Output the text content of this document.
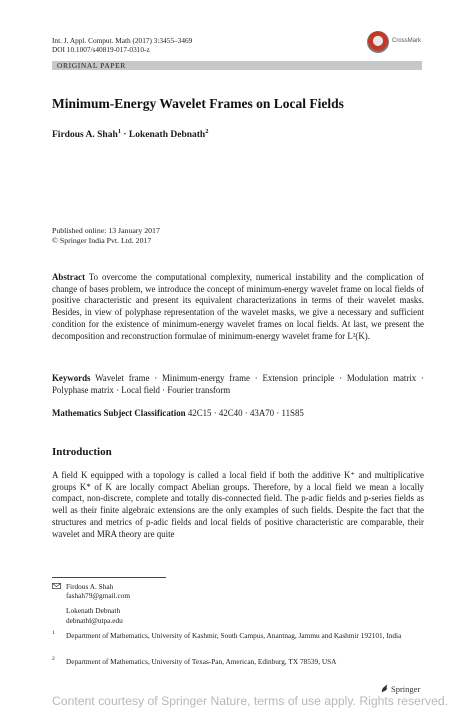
Int. J. Appl. Comput. Math (2017) 3:3455–3469
DOI 10.1007/s40819-017-0310-z
CrossMark
ORIGINAL PAPER
Minimum-Energy Wavelet Frames on Local Fields
Firdous A. Shah$^1$ · Lokenath Debnath$^2$
Published online: 13 January 2017
© Springer India Pvt. Ltd. 2017
Abstract To overcome the computational complexity, numerical instability and the complication of change of bases problem, we introduce the concept of minimum-energy wavelet frame on local fields of positive characteristic and present its equivalent characterizations in terms of their wavelet masks. Besides, in view of polyphase representation of the wavelet masks, we give a necessary and sufficient condition for the existence of minimum-energy wavelet frames on local fields. At last, we present the decomposition and reconstruction formulae of minimum-energy wavelet frame for L²(K).
Keywords Wavelet frame · Minimum-energy frame · Extension principle · Modulation matrix · Polyphase matrix · Local field · Fourier transform
Mathematics Subject Classification 42C15 · 42C40 · 43A70 · 11S85
Introduction
A field K equipped with a topology is called a local field if both the additive K⁺ and multiplicative groups K* of K are locally compact Abelian groups. Therefore, by a local field we mean a locally compact, non-discrete, complete and totally dis-connected field. The p-adic fields and p-series fields as well as their finite algebraic extensions are the only examples of such fields. Despite the fact that the structures and metrics of p-adic fields and local fields of positive characteristic are comparable, their wavelet and MRA theory are quite
Firdous A. Shah
fashah79@gmail.com
Lokenath Debnath
debnathl@utpa.edu
1 Department of Mathematics, University of Kashmir, South Campus, Anantnag, Jammu and Kashmir 192101, India
2 Department of Mathematics, University of Texas-Pan, American, Edinburg, TX 78539, USA
Springer
Content courtesy of Springer Nature, terms of use apply. Rights reserved.
